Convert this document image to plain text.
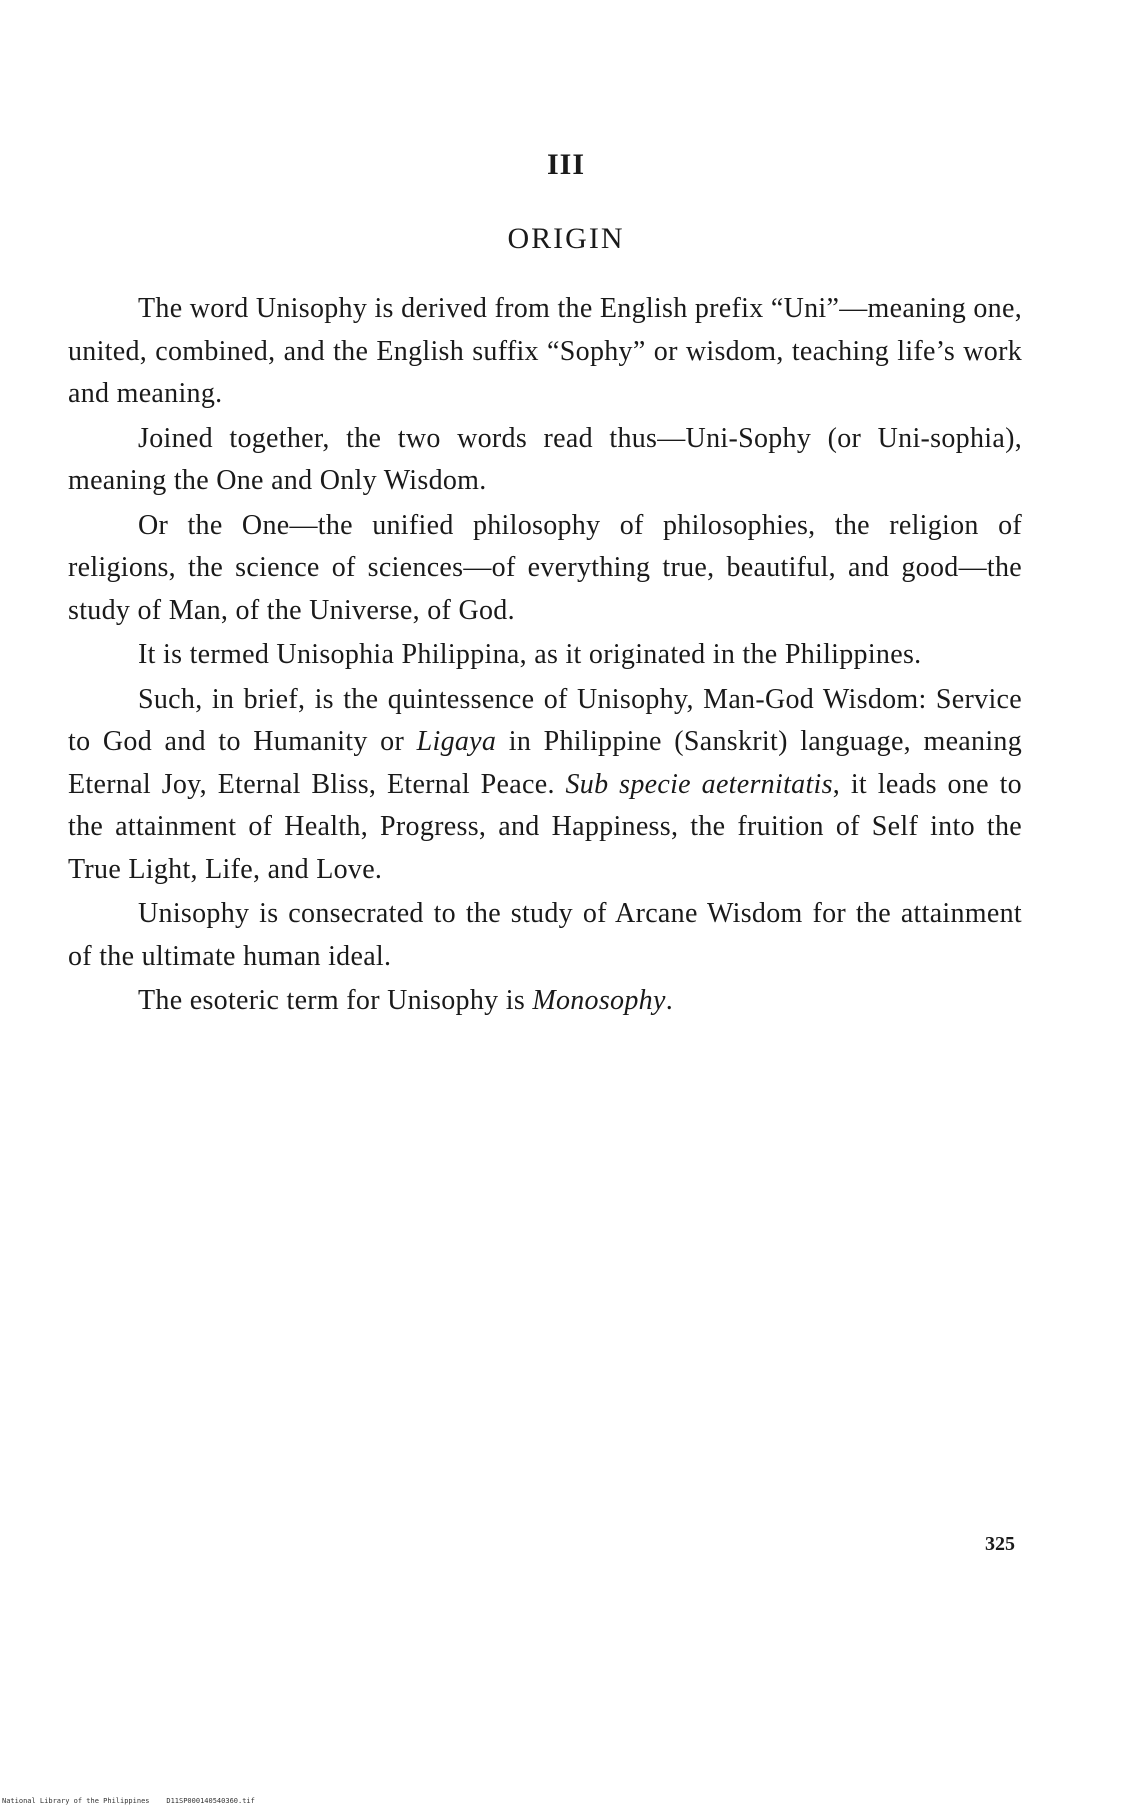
III
ORIGIN

The word Unisophy is derived from the English prefix “Uni”—meaning one, united, combined, and the English suffix “Sophy” or wisdom, teaching life’s work and meaning.

Joined together, the two words read thus—Uni-Sophy (or Uni-sophia), meaning the One and Only Wisdom.

Or the One—the unified philosophy of philosophies, the religion of religions, the science of sciences—of everything true, beautiful, and good—the study of Man, of the Universe, of God.

It is termed Unisophia Philippina, as it originated in the Philippines.

Such, in brief, is the quintessence of Unisophy, Man-God Wisdom: Service to God and to Humanity or Ligaya in Philippine (Sanskrit) language, meaning Eternal Joy, Eternal Bliss, Eternal Peace. Sub specie aeternitatis, it leads one to the attainment of Health, Progress, and Happiness, the fruition of Self into the True Light, Life, and Love.

Unisophy is consecrated to the study of Arcane Wisdom for the attainment of the ultimate human ideal.

The esoteric term for Unisophy is Monosophy.

325
National Library of the Philippines    D11SP000140540360.tif
